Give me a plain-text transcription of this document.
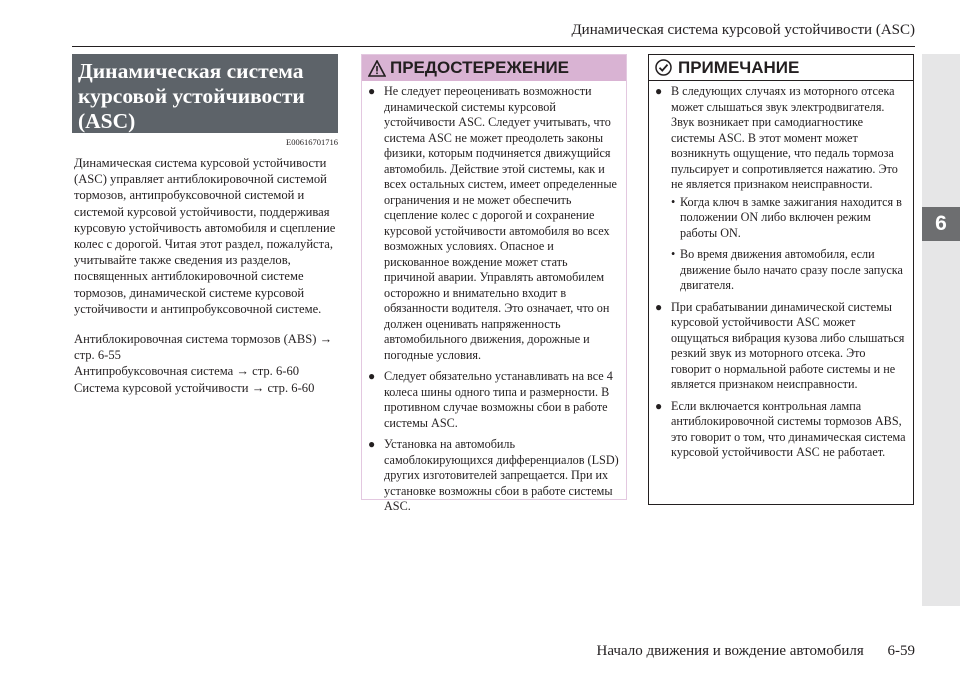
Динамическая система курсовой устойчивости (ASC)
6
Динамическая система курсовой устойчивости (ASC)
E00616701716

Динамическая система курсовой устойчивости (ASC) управляет антиблокировочной системой тормозов, антипробуксовочной системой и системой курсовой устойчивости, поддерживая курсовую устойчивость автомобиля и сцепление колес с дорогой. Читая этот раздел, пожалуйста, учитывайте также сведения из разделов, посвященных антиблокировочной системе тормозов, динамической системе курсовой устойчивости и антипробуксовочной системе.

Антиблокировочная система тормозов (ABS) → стр. 6-55
Антипробуксовочная система → стр. 6-60
Система курсовой устойчивости → стр. 6-60
ПРЕДОСТЕРЕЖЕНИЕ
● Не следует переоценивать возможности динамической системы курсовой устойчивости ASC. Следует учитывать, что система ASC не может преодолеть законы физики, которым подчиняется движущийся автомобиль. Действие этой системы, как и всех остальных систем, имеет определенные ограничения и не может обеспечить сцепление колес с дорогой и сохранение курсовой устойчивости автомобиля во всех возможных условиях. Опасное и рискованное вождение может стать причиной аварии. Управлять автомобилем осторожно и внимательно входит в обязанности водителя. Это означает, что он должен оценивать напряженность автомобильного движения, дорожные и погодные условия.
● Следует обязательно устанавливать на все 4 колеса шины одного типа и размерности. В противном случае возможны сбои в работе системы ASC.
● Установка на автомобиль самоблокирующихся дифференциалов (LSD) других изготовителей запрещается. При их установке возможны сбои в работе системы ASC.
ПРИМЕЧАНИЕ
● В следующих случаях из моторного отсека может слышаться звук электродвигателя. Звук возникает при самодиагностике системы ASC. В этот момент может возникнуть ощущение, что педаль тормоза пульсирует и сопротивляется нажатию. Это не является признаком неисправности.
• Когда ключ в замке зажигания находится в положении ON либо включен режим работы ON.
• Во время движения автомобиля, если движение было начато сразу после запуска двигателя.
● При срабатывании динамической системы курсовой устойчивости ASC может ощущаться вибрация кузова либо слышаться резкий звук из моторного отсека. Это говорит о нормальной работе системы и не является признаком неисправности.
● Если включается контрольная лампа антиблокировочной системы тормозов ABS, это говорит о том, что динамическая система курсовой устойчивости ASC не работает.
Начало движения и вождение автомобиля 6-59
